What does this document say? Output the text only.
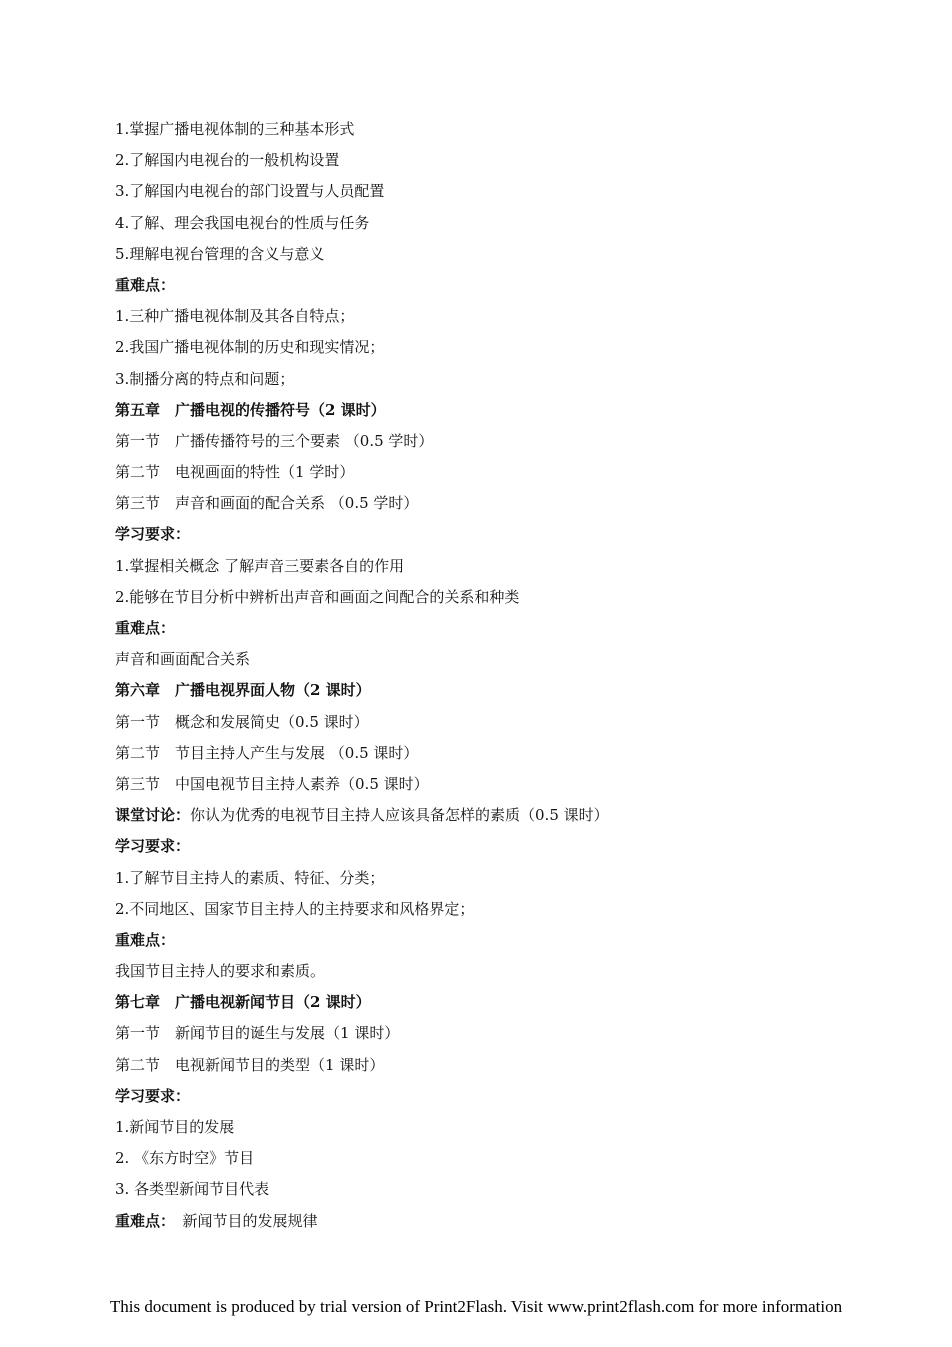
1.掌握广播电视体制的三种基本形式
2.了解国内电视台的一般机构设置
3.了解国内电视台的部门设置与人员配置
4.了解、理会我国电视台的性质与任务
5.理解电视台管理的含义与意义
重难点：
1.三种广播电视体制及其各自特点；
2.我国广播电视体制的历史和现实情况；
3.制播分离的特点和问题；
第五章　广播电视的传播符号（2 课时）
第一节　广播传播符号的三个要素 （0.5 学时）
第二节　电视画面的特性（1 学时）
第三节　声音和画面的配合关系 （0.5 学时）
学习要求：
1.掌握相关概念 了解声音三要素各自的作用
2.能够在节目分析中辨析出声音和画面之间配合的关系和种类
重难点：
声音和画面配合关系
第六章　广播电视界面人物（2 课时）
第一节　概念和发展简史（0.5 课时）
第二节　节目主持人产生与发展 （0.5 课时）
第三节　中国电视节目主持人素养（0.5 课时）
课堂讨论：你认为优秀的电视节目主持人应该具备怎样的素质（0.5 课时）
学习要求：
1.了解节目主持人的素质、特征、分类；
2.不同地区、国家节目主持人的主持要求和风格界定；
重难点：
我国节目主持人的要求和素质。
第七章　广播电视新闻节目（2 课时）
第一节　新闻节目的诞生与发展（1 课时）
第二节　电视新闻节目的类型（1 课时）
学习要求：
1.新闻节目的发展
2. 《东方时空》节目
3. 各类型新闻节目代表
重难点：　新闻节目的发展规律
This document is produced by trial version of Print2Flash. Visit www.print2flash.com for more information
